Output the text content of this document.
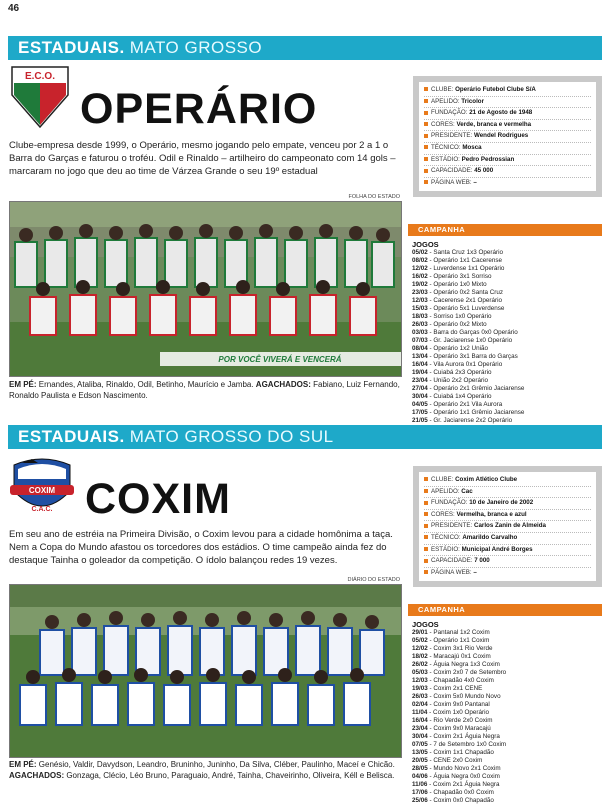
46
ESTADUAIS. MATO GROSSO
E.C.O.
OPERÁRIO
Clube-empresa desde 1999, o Operário, mesmo jogando pelo empate, venceu por 2 a 1 o Barra do Garças e faturou o troféu. Odil e Rinaldo – artilheiro do campeonato com 14 gols – marcaram no jogo que deu ao time de Várzea Grande o seu 19º estadual
FOLHA DO ESTADO
POR VOCÊ VIVERÁ E VENCERÁ
EM PÉ: Ernandes, Ataliba, Rinaldo, Odil, Betinho, Maurício e Jamba. AGACHADOS: Fabiano, Luiz Fernando, Ronaldo Paulista e Edson Nascimento.
CLUBE: Operário Futebol Clube S/A
APELIDO: Tricolor
FUNDAÇÃO: 21 de Agosto de 1948
CORES: Verde, branca e vermelha
PRESIDENTE: Wendel Rodrigues
TÉCNICO: Mosca
ESTÁDIO: Pedro Pedrossian
CAPACIDADE: 45 000
PÁGINA WEB: –
CAMPANHA
JOGOS
05/02 - Santa Cruz 1x3 Operário
08/02 - Operário 1x1 Cacerense
12/02 - Luverdense 1x1 Operário
16/02 - Operário 3x1 Sorriso
19/02 - Operário 1x0 Mixto
23/03 - Operário 0x2 Santa Cruz
12/03 - Cacerense 2x1 Operário
15/03 - Operário 5x1 Luverdense
18/03 - Sorriso 1x0 Operário
26/03 - Operário 0x2 Mixto
03/03 - Barra do Garças 0x0 Operário
07/03 - Gr. Jaciarense 1x0 Operário
08/04 - Operário 1x2 União
13/04 - Operário 3x1 Barra do Garças
16/04 - Vila Aurora 0x1 Operário
19/04 - Cuiabá 2x3 Operário
23/04 - União 2x2 Operário
27/04 - Operário 2x1 Grêmio Jaciarense
30/04 - Cuiabá 1x4 Operário
04/05 - Operário 2x1 Vila Aurora
17/05 - Operário 1x1 Grêmio Jaciarense
21/05 - Gr. Jaciarense 2x2 Operário
ESTADUAIS. MATO GROSSO DO SUL
COXIM
C.A.C. COXIM
Em seu ano de estréia na Primeira Divisão, o Coxim levou para a cidade homônima a taça. Nem a Copa do Mundo afastou os torcedores dos estádios. O time campeão ainda fez do destaque Tainha o goleador da competição. O ídolo balançou redes 19 vezes.
DIÁRIO DO ESTADO
EM PÉ: Genésio, Valdir, Davydson, Leandro, Bruninho, Juninho, Da Silva, Cléber, Paulinho, Maceí e Chicão. AGACHADOS: Gonzaga, Clécio, Léo Bruno, Paraguaio, André, Tainha, Chaveirinho, Oliveira, Kéll e Belisca.
CLUBE: Coxim Atlético Clube
APELIDO: Cac
FUNDAÇÃO: 10 de Janeiro de 2002
CORES: Vermelha, branca e azul
PRESIDENTE: Carlos Zanin de Almeida
TÉCNICO: Amarildo Carvalho
ESTÁDIO: Municipal André Borges
CAPACIDADE: 7 000
PÁGINA WEB: –
CAMPANHA
JOGOS
29/01 - Pantanal 1x2 Coxim
05/02 - Operário 1x1 Coxim
12/02 - Coxim 3x1 Rio Verde
18/02 - Maracajú 0x1 Coxim
26/02 - Águia Negra 1x3 Coxim
05/03 - Coxim 2x0 7 de Setembro
12/03 - Chapadão 4x0 Coxim
19/03 - Coxim 2x1 CENE
26/03 - Coxim 5x0 Mundo Novo
02/04 - Coxim 9x0 Pantanal
11/04 - Coxim 1x0 Operário
16/04 - Rio Verde 2x0 Coxim
23/04 - Coxim 9x0 Maracajú
30/04 - Coxim 2x1 Águia Negra
07/05 - 7 de Setembro 1x0 Coxim
13/05 - Coxim 1x1 Chapadão
20/05 - CENE 2x0 Coxim
28/05 - Mundo Novo 2x1 Coxim
04/06 - Águia Negra 0x0 Coxim
11/06 - Coxim 2x1 Águia Negra
17/06 - Chapadão 0x0 Coxim
25/06 - Coxim 0x0 Chapadão
